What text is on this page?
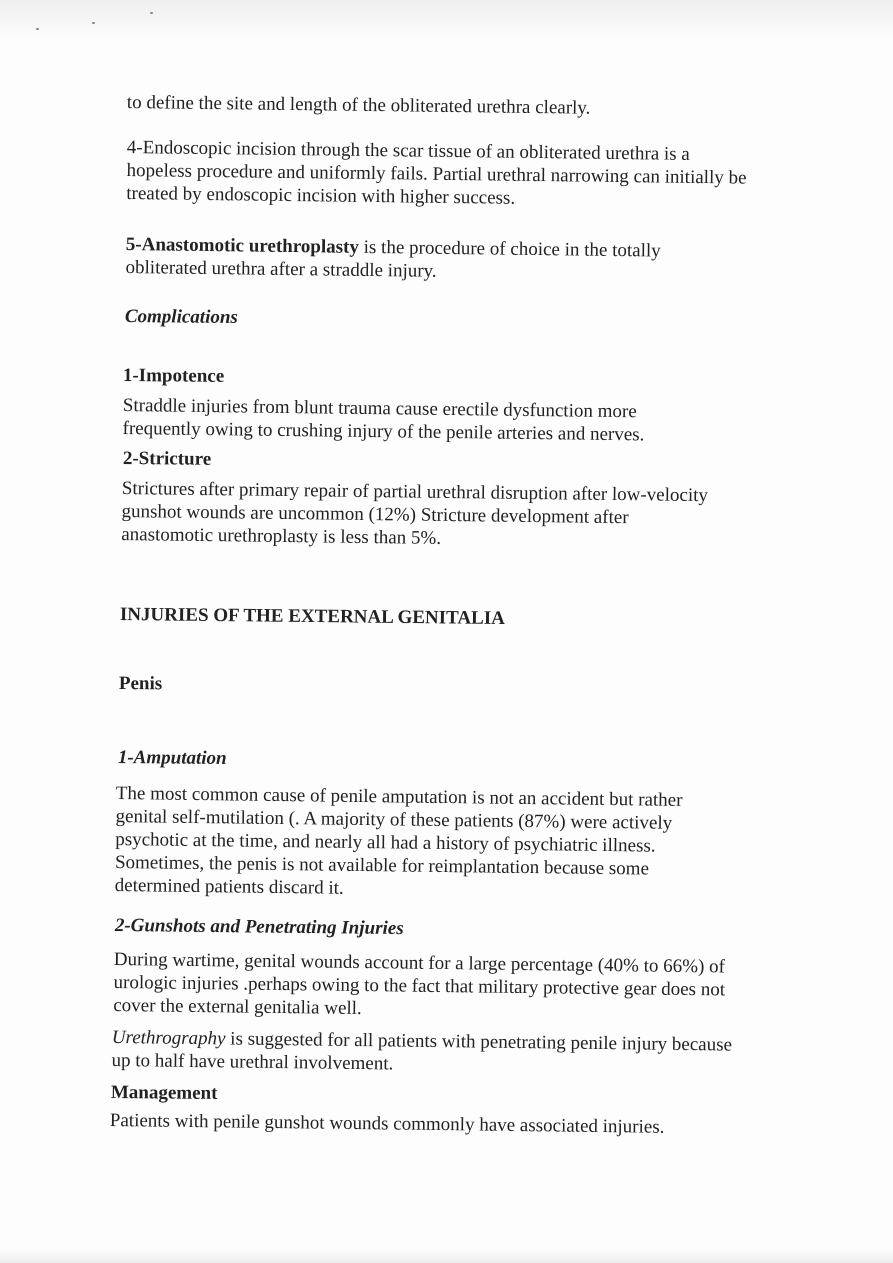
to define the site and length of the obliterated urethra clearly.

4-Endoscopic incision through the scar tissue of an obliterated urethra is a hopeless procedure and uniformly fails. Partial urethral narrowing can initially be treated by endoscopic incision with higher success.

5-Anastomotic urethroplasty is the procedure of choice in the totally obliterated urethra after a straddle injury.

Complications
1-Impotence

Straddle injuries from blunt trauma cause erectile dysfunction more frequently owing to crushing injury of the penile arteries and nerves.

2-Stricture

Strictures after primary repair of partial urethral disruption after low-velocity gunshot wounds are uncommon (12%) Stricture development after anastomotic urethroplasty is less than 5%.

INJURIES OF THE EXTERNAL GENITALIA
Penis
1-Amputation

The most common cause of penile amputation is not an accident but rather genital self-mutilation (. A majority of these patients (87%) were actively psychotic at the time, and nearly all had a history of psychiatric illness. Sometimes, the penis is not available for reimplantation because some determined patients discard it.

2-Gunshots and Penetrating Injuries

During wartime, genital wounds account for a large percentage (40% to 66%) of urologic injuries .perhaps owing to the fact that military protective gear does not cover the external genitalia well.

Urethrography is suggested for all patients with penetrating penile injury because up to half have urethral involvement.

Management

Patients with penile gunshot wounds commonly have associated injuries.
